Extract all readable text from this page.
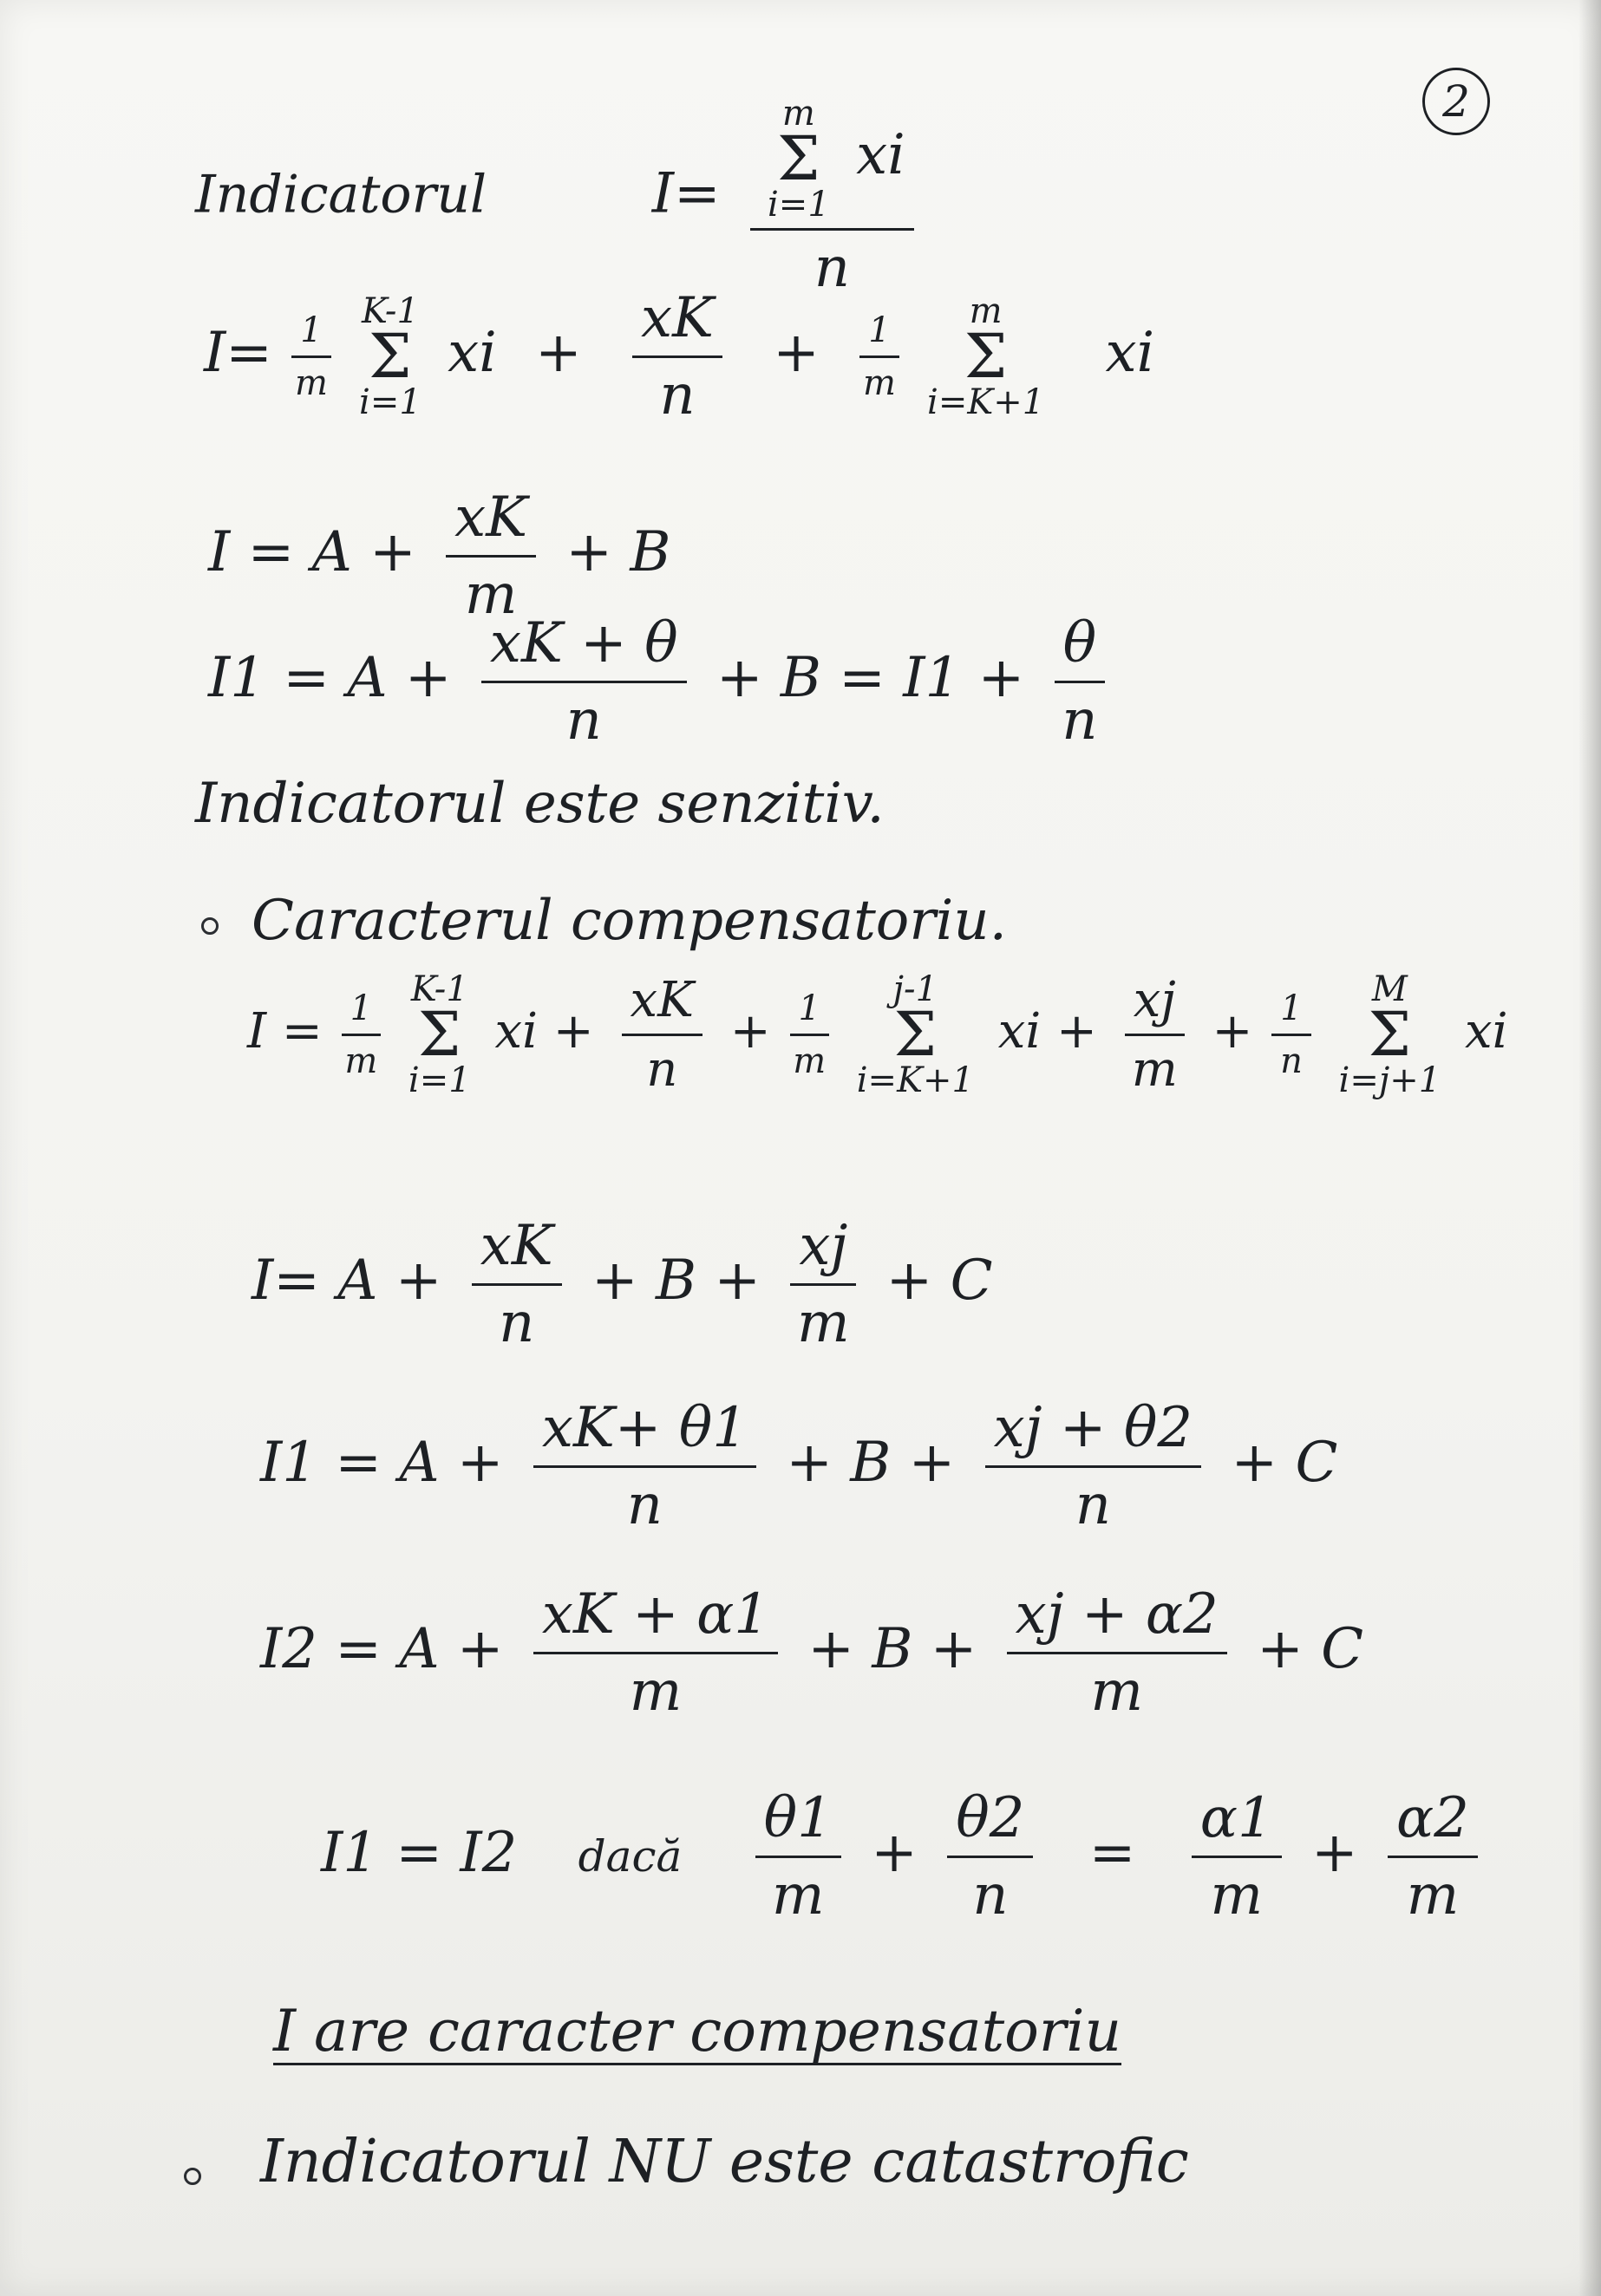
2
Indicatorul	I= m
Σ
i=1
xi
n
$I= \frac{1}{m}$
K-1
Σ
i=1
xi + $\frac{xK}{n} + \frac{1}{m}$
m
Σ
i=K+1
xi
$I = A + \frac{xK}{m} + B$
$I1 = A + \frac{xK + \theta}{n} + B = I1 + \frac{\theta}{n}$
Indicatorul este senzitiv.
Caracterul compensatoriu.
$I = \frac{1}{m}$
K-1
Σ
i=1
xi + $\frac{xK}{n} + \frac{1}{m}$
j-1
Σ
i=K+1
xi + $\frac{xj}{m} + \frac{1}{n}$
M
Σ
i=j+1
xi
$I= A + \frac{xK}{n} + B + \frac{xj}{m} + C$
$I1 = A + \frac{xK+ \theta 1}{n} + B + \frac{xj + \theta 2}{n} + C$
$I2 = A + \frac{xK + \alpha 1}{m} + B + \frac{xj + \alpha 2}{m} + C$
I1 = I2 dacă $\frac{\theta 1}{m} + \frac{\theta 2}{n} = \frac{\alpha 1}{m} + \frac{\alpha 2}{m}$
I are caracter compensatoriu
Indicatorul NU este catastrofic
